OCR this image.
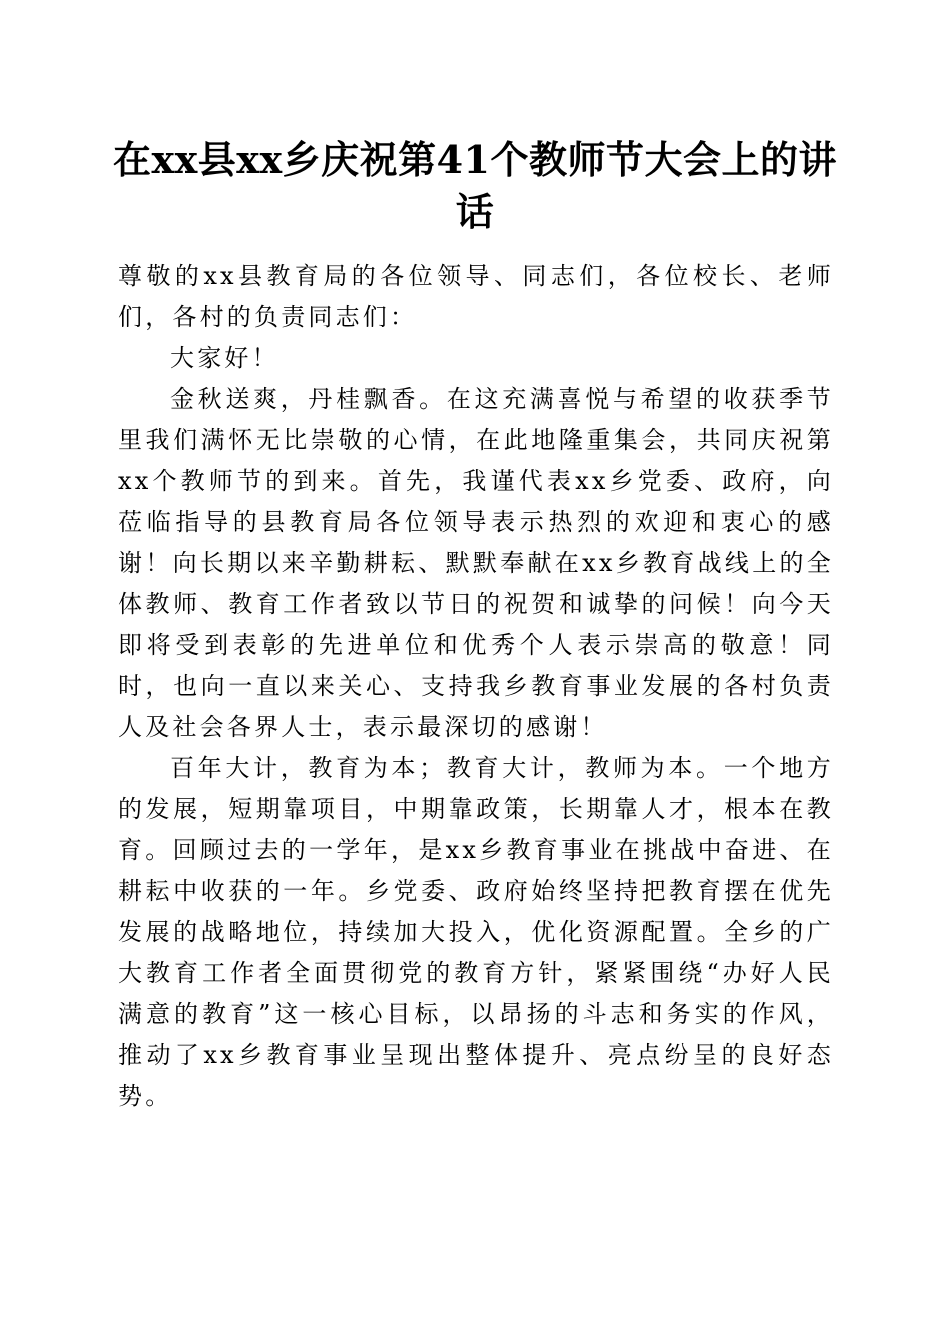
在xx县xx乡庆祝第41个教师节大会上的讲话

尊敬的xx县教育局的各位领导、同志们，各位校长、老师们，各村的负责同志们：

大家好！

金秋送爽，丹桂飘香。在这充满喜悦与希望的收获季节里我们满怀无比崇敬的心情，在此地隆重集会，共同庆祝第xx个教师节的到来。首先，我谨代表xx乡党委、政府，向莅临指导的县教育局各位领导表示热烈的欢迎和衷心的感谢！向长期以来辛勤耕耘、默默奉献在xx乡教育战线上的全体教师、教育工作者致以节日的祝贺和诚挚的问候！向今天即将受到表彰的先进单位和优秀个人表示崇高的敬意！同时，也向一直以来关心、支持我乡教育事业发展的各村负责人及社会各界人士，表示最深切的感谢！

百年大计，教育为本；教育大计，教师为本。一个地方的发展，短期靠项目，中期靠政策，长期靠人才，根本在教育。回顾过去的一学年，是xx乡教育事业在挑战中奋进、在耕耘中收获的一年。乡党委、政府始终坚持把教育摆在优先发展的战略地位，持续加大投入，优化资源配置。全乡的广大教育工作者全面贯彻党的教育方针，紧紧围绕“办好人民满意的教育”这一核心目标，以昂扬的斗志和务实的作风，推动了xx乡教育事业呈现出整体提升、亮点纷呈的良好态势。
